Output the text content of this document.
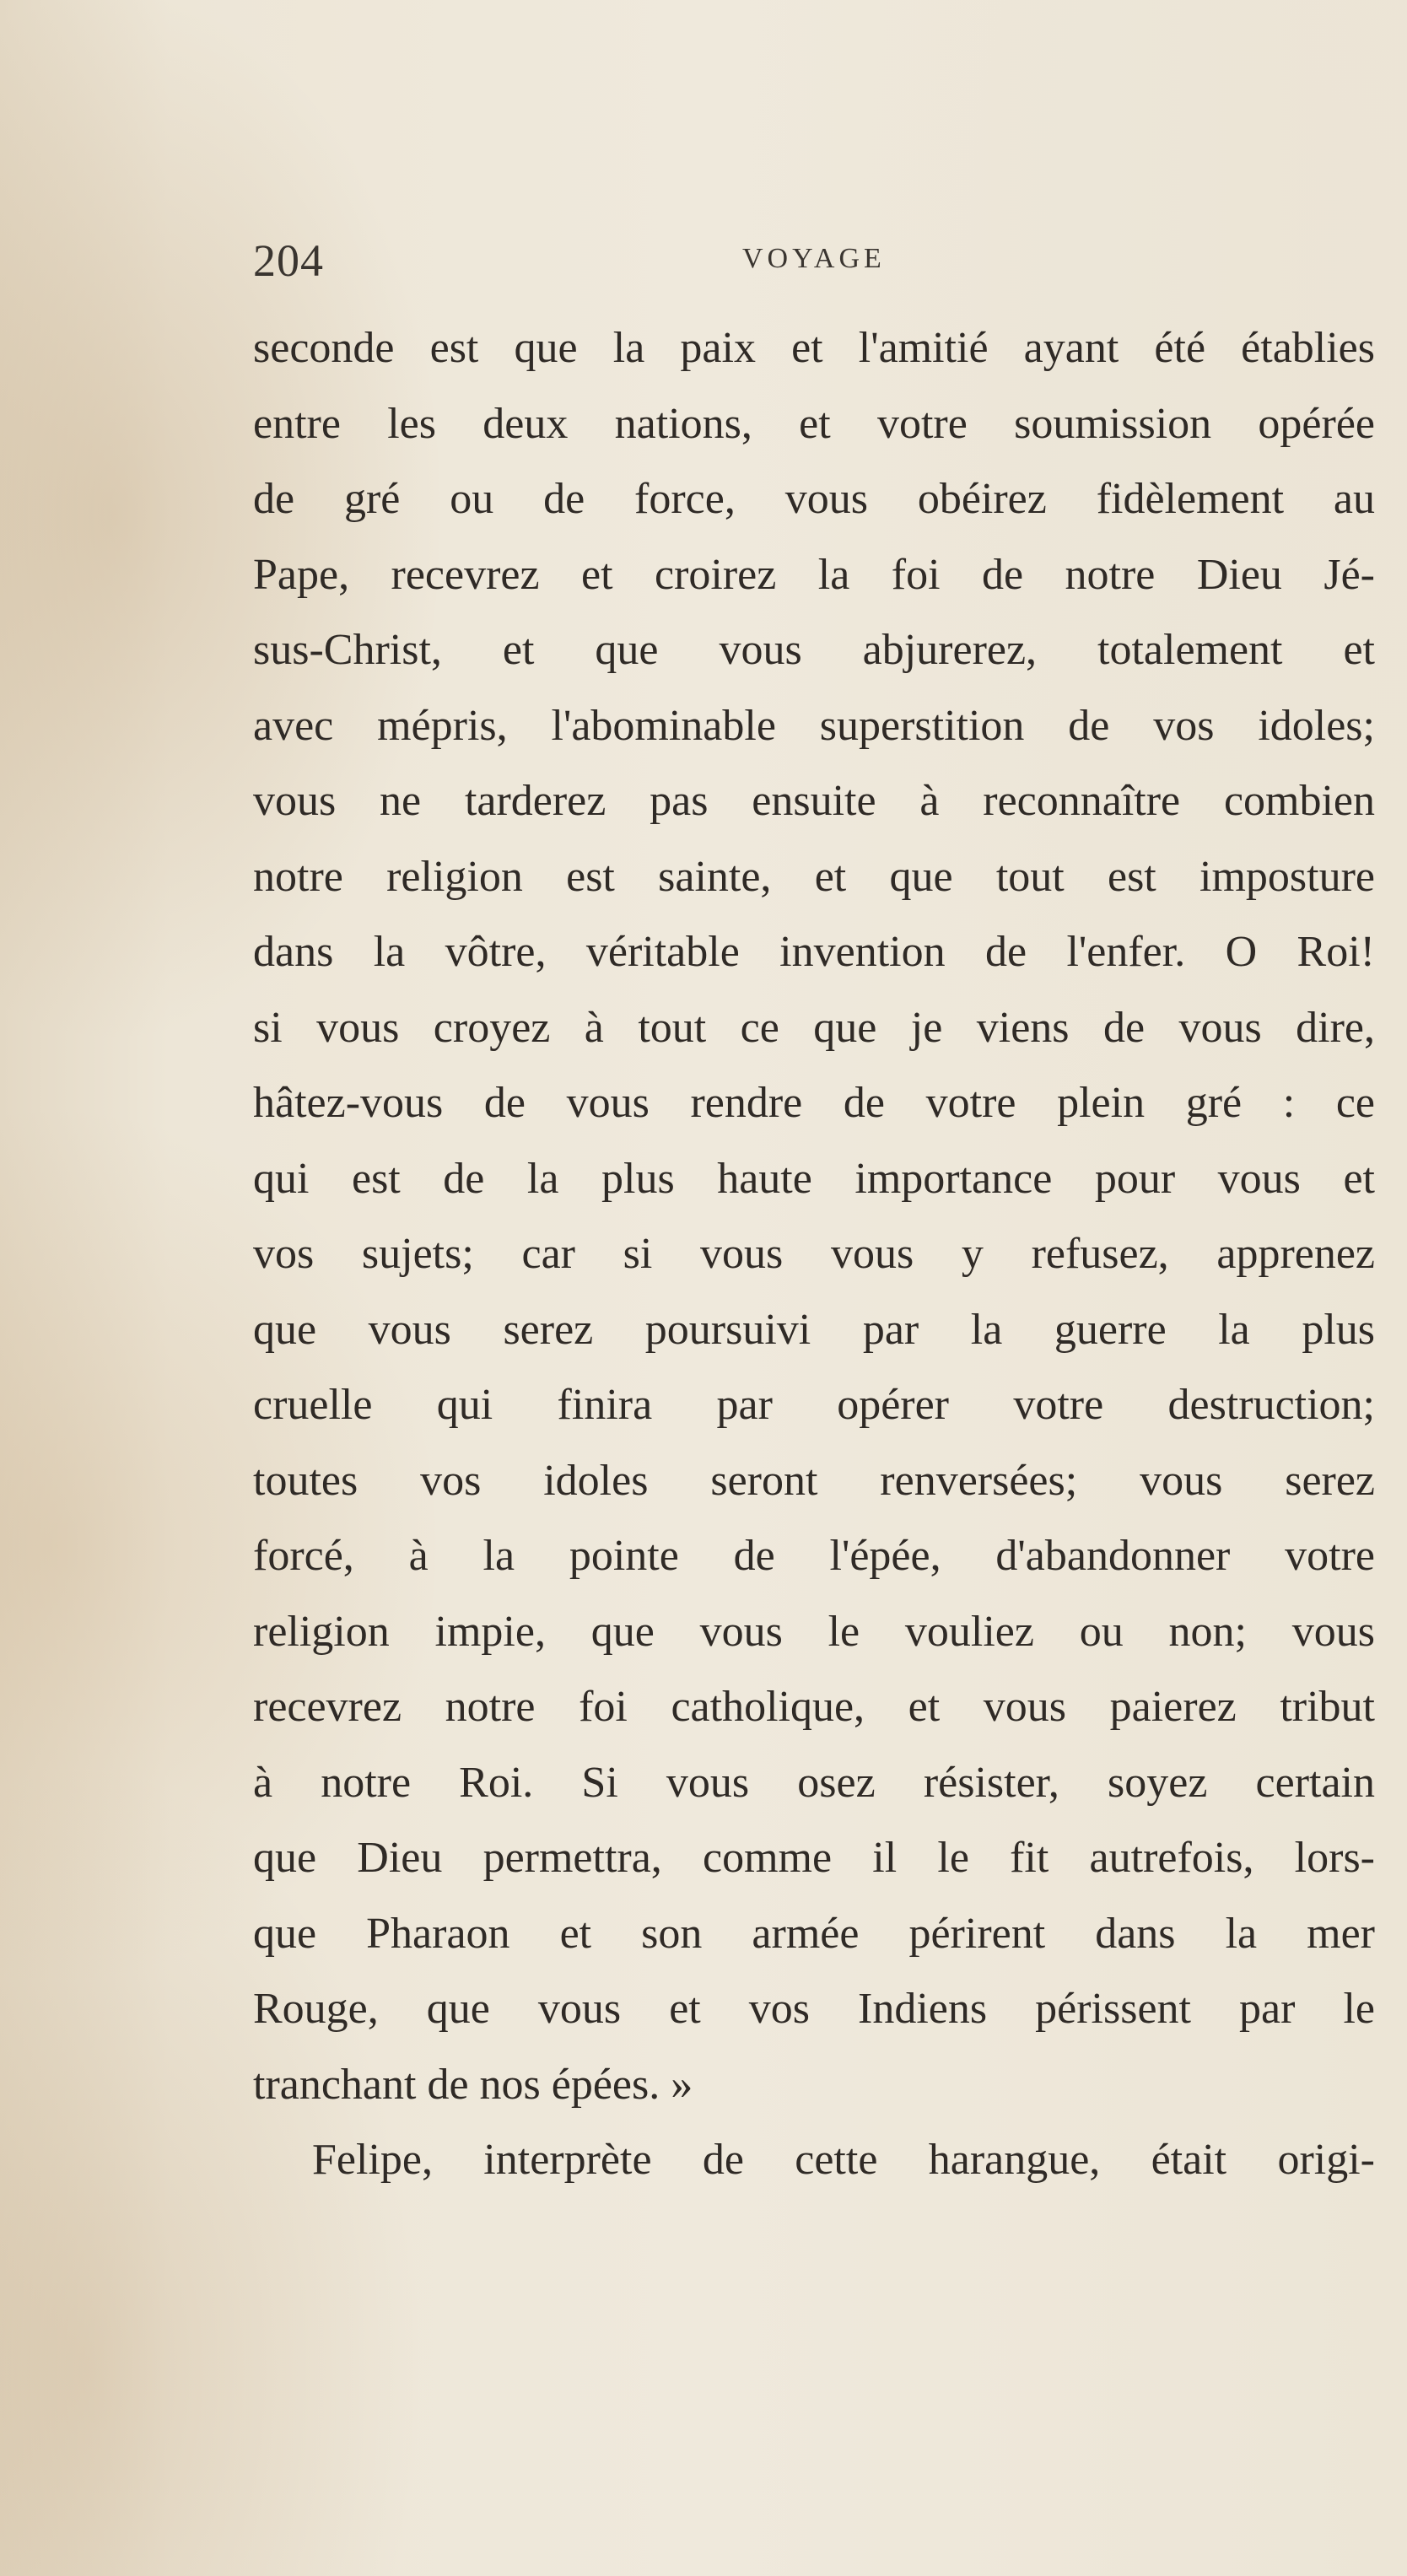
204	VOYAGE
seconde est que la paix et l'amitié ayant été établies
entre les deux nations, et votre soumission opérée
de gré ou de force, vous obéirez fidèlement au
Pape, recevrez et croirez la foi de notre Dieu Jé-
sus-Christ, et que vous abjurerez, totalement et
avec mépris, l'abominable superstition de vos idoles;
vous ne tarderez pas ensuite à reconnaître combien
notre religion est sainte, et que tout est imposture
dans la vôtre, véritable invention de l'enfer. O Roi!
si vous croyez à tout ce que je viens de vous dire,
hâtez-vous de vous rendre de votre plein gré : ce
qui est de la plus haute importance pour vous et
vos sujets; car si vous vous y refusez, apprenez
que vous serez poursuivi par la guerre la plus
cruelle qui finira par opérer votre destruction;
toutes vos idoles seront renversées; vous serez
forcé, à la pointe de l'épée, d'abandonner votre
religion impie, que vous le vouliez ou non; vous
recevrez notre foi catholique, et vous paierez tribut
à notre Roi. Si vous osez résister, soyez certain
que Dieu permettra, comme il le fit autrefois, lors-
que Pharaon et son armée périrent dans la mer
Rouge, que vous et vos Indiens périssent par le
tranchant de nos épées. »
Felipe, interprète de cette harangue, était origi-
